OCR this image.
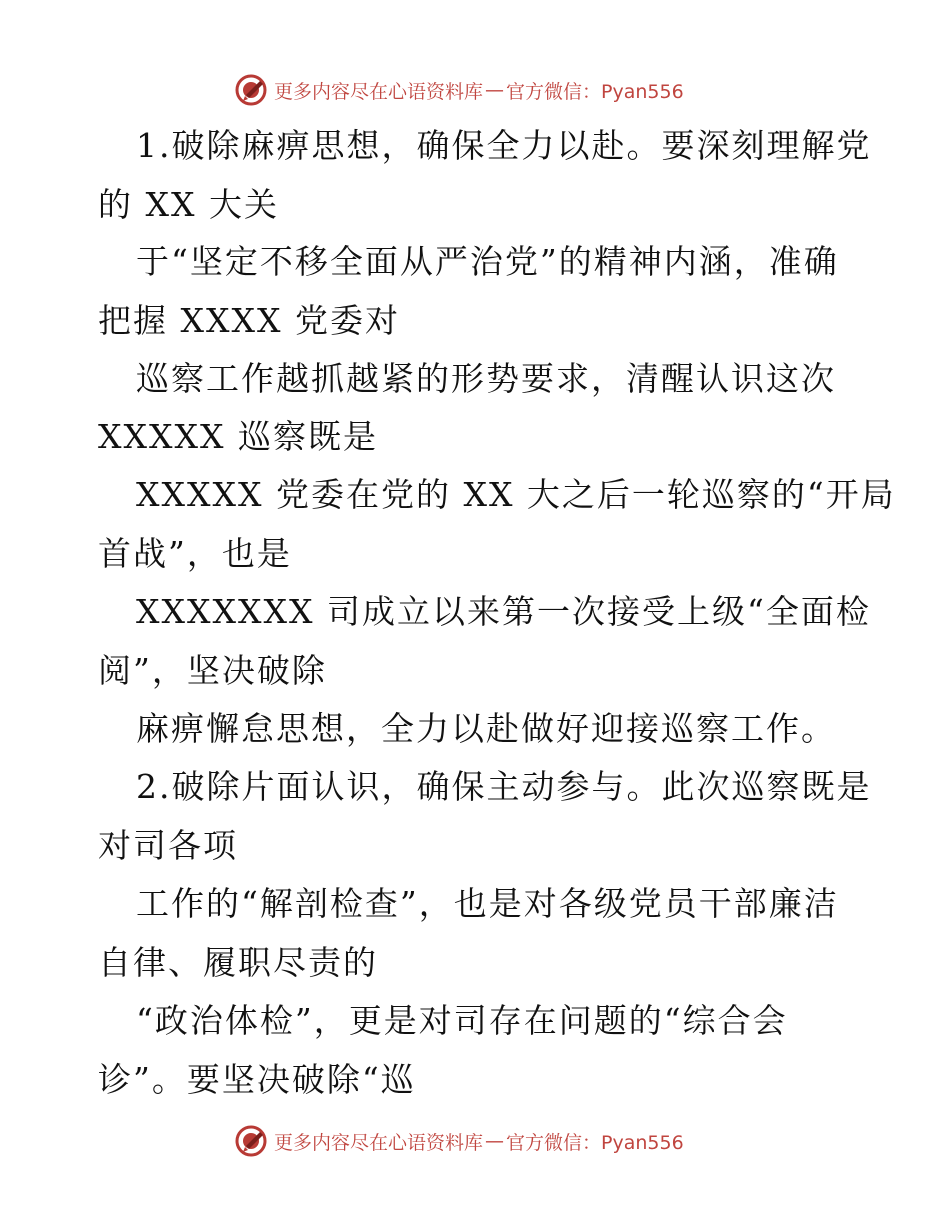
更多内容尽在心语资料库 — 官方微信：Pyan556
1.破除麻痹思想，确保全力以赴。要深刻理解党
的 XX 大关
于“坚定不移全面从严治党”的精神内涵，准确
把握 XXXX 党委对
巡察工作越抓越紧的形势要求，清醒认识这次
XXXXX 巡察既是
XXXXX 党委在党的 XX 大之后一轮巡察的“开局
首战”，也是
XXXXXXX 司成立以来第一次接受上级“全面检
阅”，坚决破除
麻痹懈怠思想，全力以赴做好迎接巡察工作。
2.破除片面认识，确保主动参与。此次巡察既是
对司各项
工作的“解剖检查”，也是对各级党员干部廉洁
自律、履职尽责的
“政治体检”，更是对司存在问题的“综合会
诊”。要坚决破除“巡
更多内容尽在心语资料库 — 官方微信：Pyan556
